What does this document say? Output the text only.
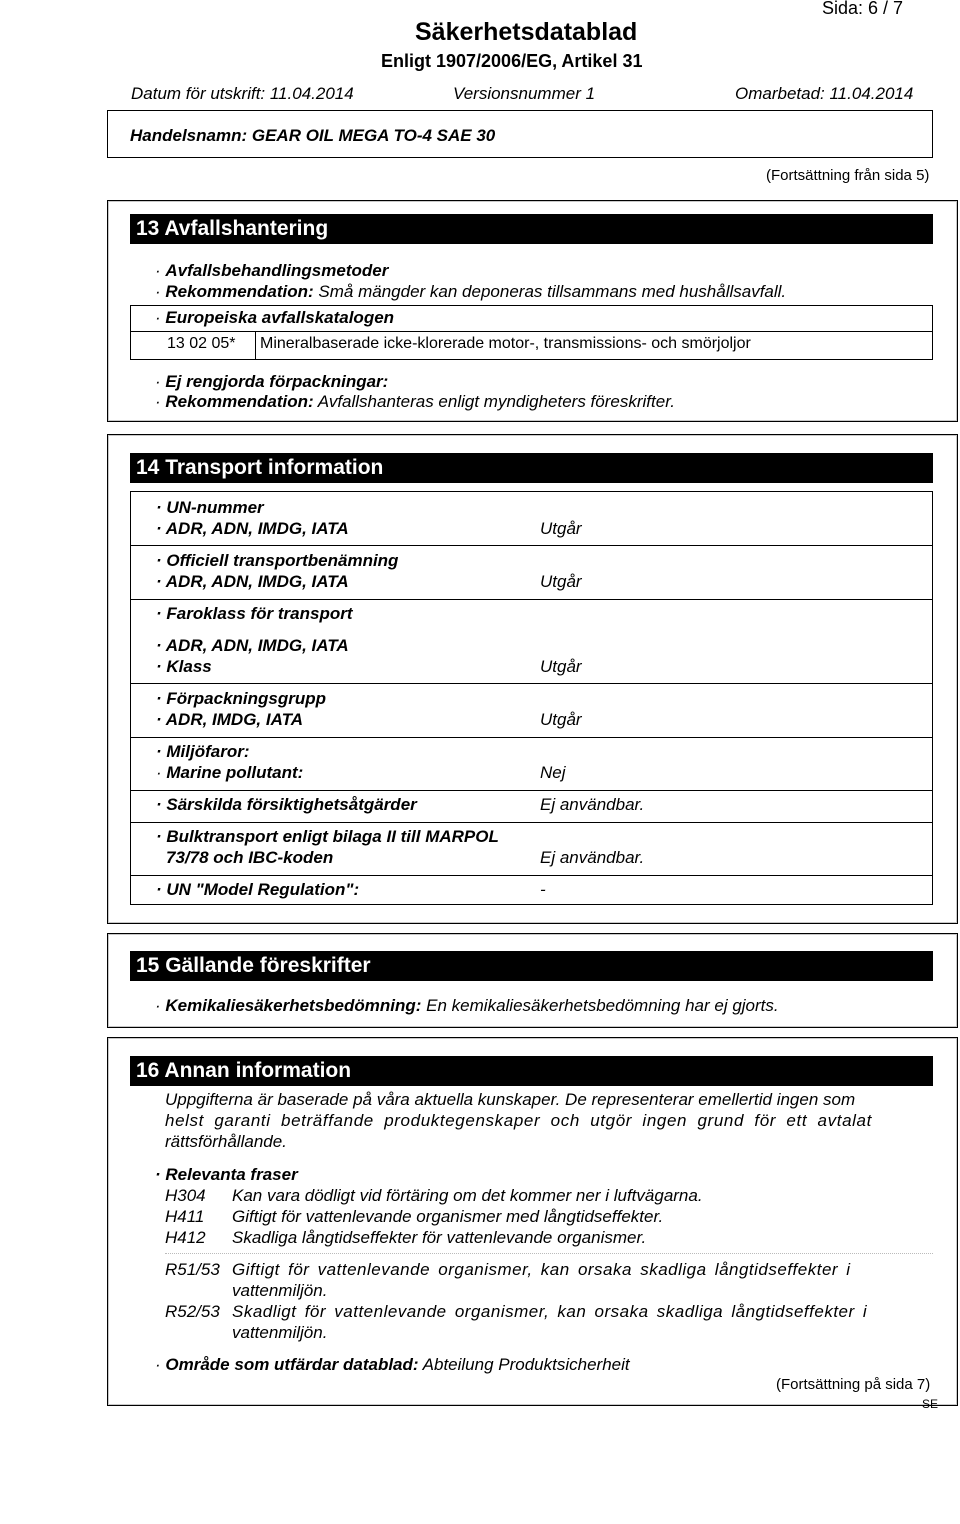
Sida: 6 / 7
Säkerhetsdatablad
Enligt 1907/2006/EG, Artikel 31
Datum för utskrift: 11.04.2014	Versionsnummer 1	Omarbetad: 11.04.2014
Handelsnamn: GEAR OIL MEGA TO-4 SAE 30
(Fortsättning från sida 5)
13 Avfallshantering
· Avfallsbehandlingsmetoder
· Rekommendation: Små mängder kan deponeras tillsammans med hushållsavfall.
· Europeiska avfallskatalogen
13 02 05* Mineralbaserade icke-klorerade motor-, transmissions- och smörjoljor
· Ej rengjorda förpackningar:
· Rekommendation: Avfallshanteras enligt myndigheters föreskrifter.
14 Transport information
· UN-nummer
· ADR, ADN, IMDG, IATA	Utgår
· Officiell transportbenämning
· ADR, ADN, IMDG, IATA	Utgår
· Faroklass för transport
· ADR, ADN, IMDG, IATA
· Klass	Utgår
· Förpackningsgrupp
· ADR, IMDG, IATA	Utgår
· Miljöfaror:
· Marine pollutant:	Nej
· Särskilda försiktighetsåtgärder	Ej användbar.
· Bulktransport enligt bilaga II till MARPOL
73/78 och IBC-koden	Ej användbar.
· UN "Model Regulation":	-
15 Gällande föreskrifter
· Kemikaliesäkerhetsbedömning: En kemikaliesäkerhetsbedömning har ej gjorts.
16 Annan information
Uppgifterna är baserade på våra aktuella kunskaper. De representerar emellertid ingen som
helst garanti beträffande produktegenskaper och utgör ingen grund för ett avtalat
rättsförhållande.
· Relevanta fraser
H304 Kan vara dödligt vid förtäring om det kommer ner i luftvägarna.
H411 Giftigt för vattenlevande organismer med långtidseffekter.
H412 Skadliga långtidseffekter för vattenlevande organismer.
R51/53 Giftigt för vattenlevande organismer, kan orsaka skadliga långtidseffekter i
vattenmiljön.
R52/53 Skadligt för vattenlevande organismer, kan orsaka skadliga långtidseffekter i
vattenmiljön.
· Område som utfärdar datablad: Abteilung Produktsicherheit
(Fortsättning på sida 7)
SE
